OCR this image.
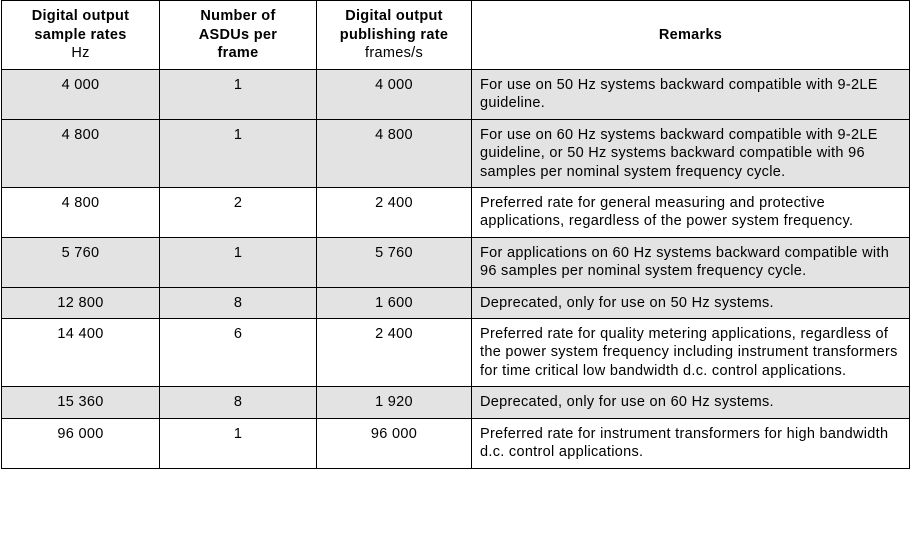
Digital output
sample rates
Hz	Number of
ASDUs per
frame	Digital output
publishing rate
frames/s	Remarks
4 000	1	4 000	For use on 50 Hz systems backward compatible with 9-2LE guideline.
4 800	1	4 800	For use on 60 Hz systems backward compatible with 9-2LE guideline, or 50 Hz systems backward compatible with 96 samples per nominal system frequency cycle.
4 800	2	2 400	Preferred rate for general measuring and protective applications, regardless of the power system frequency.
5 760	1	5 760	For applications on 60 Hz systems backward compatible with 96 samples per nominal system frequency cycle.
12 800	8	1 600	Deprecated, only for use on 50 Hz systems.
14 400	6	2 400	Preferred rate for quality metering applications, regardless of the power system frequency including instrument transformers for time critical low bandwidth d.c. control applications.
15 360	8	1 920	Deprecated, only for use on 60 Hz systems.
96 000	1	96 000	Preferred rate for instrument transformers for high bandwidth d.c. control applications.
